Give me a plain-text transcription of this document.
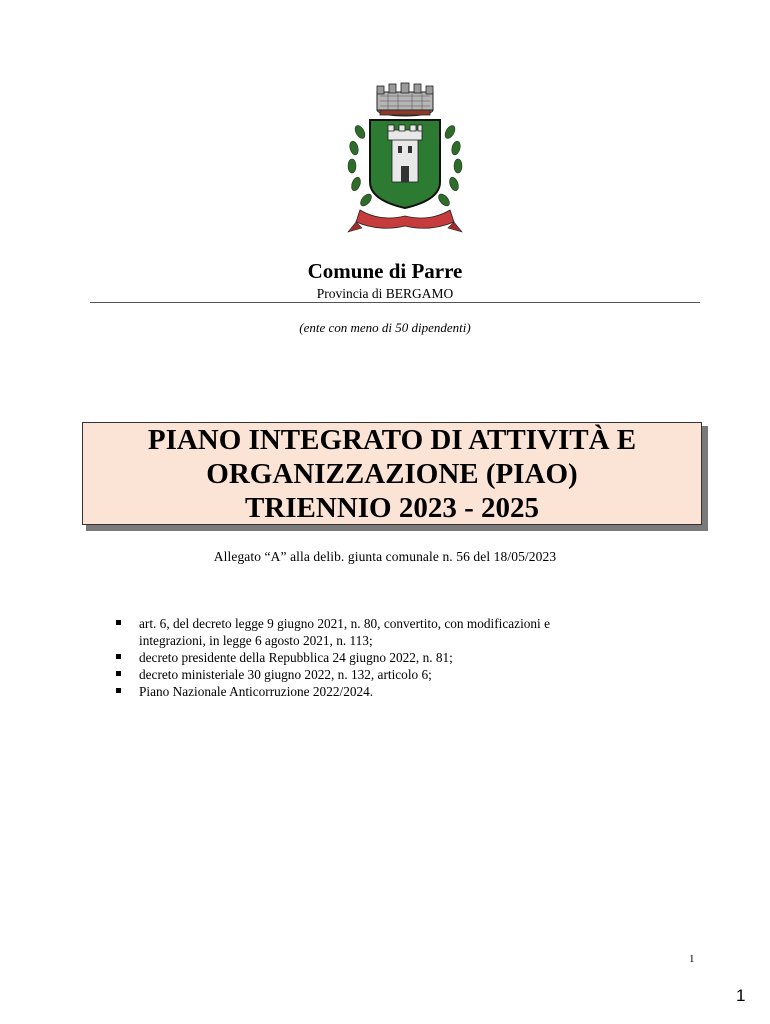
Comune di Parre
Provincia di BERGAMO
(ente con meno di 50 dipendenti)
PIANO INTEGRATO DI ATTIVITÀ E
ORGANIZZAZIONE (PIAO)
TRIENNIO 2023 - 2025
Allegato “A” alla delib. giunta comunale n. 56 del 18/05/2023
art. 6, del decreto legge 9 giugno 2021, n. 80, convertito, con modificazioni e
integrazioni, in legge 6 agosto 2021, n. 113;
decreto presidente della Repubblica 24 giugno 2022, n. 81;
decreto ministeriale 30 giugno 2022, n. 132, articolo 6;
Piano Nazionale Anticorruzione 2022/2024.
1
1
